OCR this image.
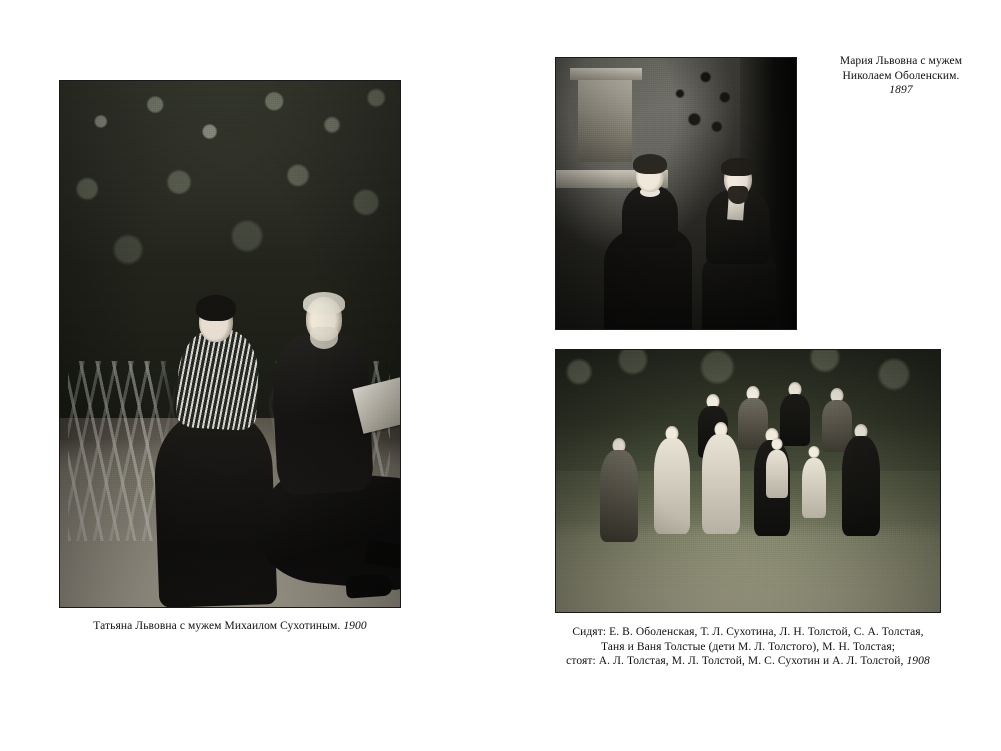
Татьяна Львовна с мужем Михаилом Сухотиным. 1900
Мария Львовна с мужем
Николаем Оболенским.
1897
Сидят: Е. В. Оболенская, Т. Л. Сухотина, Л. Н. Толстой, С. А. Толстая,
Таня и Ваня Толстые (дети М. Л. Толстого), М. Н. Толстая;
стоят: А. Л. Толстая, М. Л. Толстой, М. С. Сухотин и А. Л. Толстой, 1908
